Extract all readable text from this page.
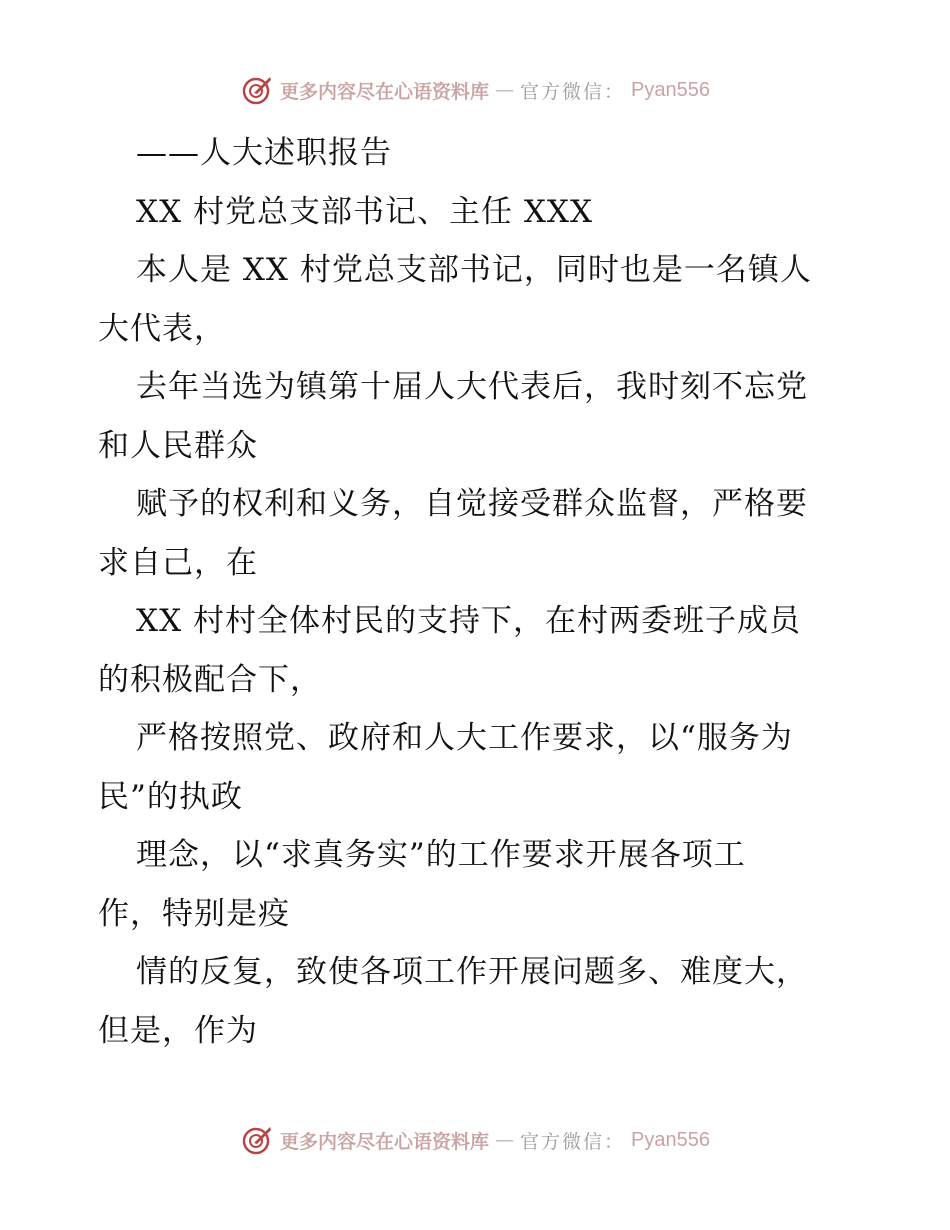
更多内容尽在心语资料库 — 官方微信： Pyan556
——人大述职报告
XX 村党总支部书记、主任 XXX
本人是 XX 村党总支部书记，同时也是一名镇人
大代表，
去年当选为镇第十届人大代表后，我时刻不忘党
和人民群众
赋予的权利和义务，自觉接受群众监督，严格要
求自己，在
XX 村村全体村民的支持下，在村两委班子成员
的积极配合下，
严格按照党、政府和人大工作要求，以“服务为
民”的执政
理念，以“求真务实”的工作要求开展各项工
作，特别是疫
情的反复，致使各项工作开展问题多、难度大，
但是，作为
更多内容尽在心语资料库 — 官方微信： Pyan556
